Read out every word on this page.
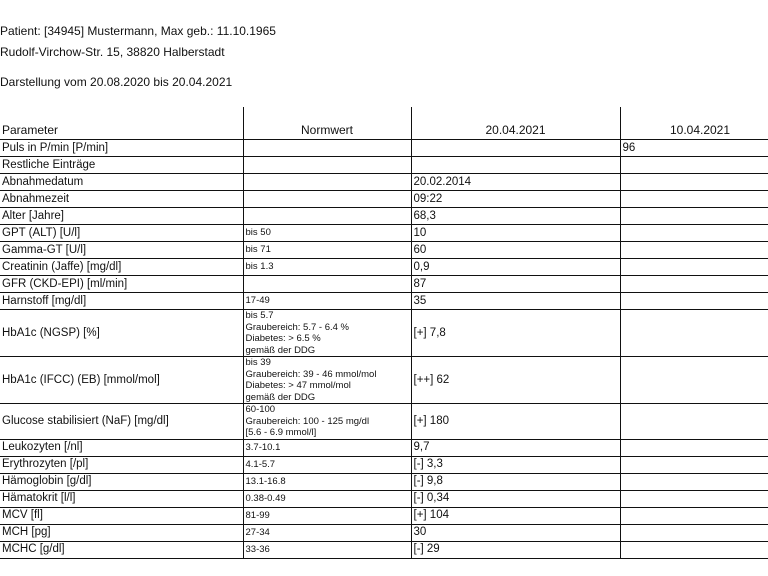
Patient: [34945] Mustermann, Max geb.: 11.10.1965
Rudolf-Virchow-Str. 15, 38820 Halberstadt
Darstellung vom 20.08.2020 bis 20.04.2021
Parameter	Normwert	20.04.2021	10.04.2021
Puls in P/min [P/min]			96
Restliche Einträge			
Abnahmedatum		20.02.2014	
Abnahmezeit		09:22	
Alter [Jahre]		68,3	
GPT (ALT) [U/l]	bis 50	10	
Gamma-GT [U/l]	bis 71	60	
Creatinin (Jaffe) [mg/dl]	bis 1.3	0,9	
GFR (CKD-EPI) [ml/min]		87	
Harnstoff [mg/dl]	17-49	35	
HbA1c (NGSP) [%]	bis 5.7
Graubereich: 5.7 - 6.4 %
Diabetes: > 6.5 %
gemäß der DDG	[+] 7,8	
HbA1c (IFCC) (EB) [mmol/mol]	bis 39
Graubereich: 39 - 46 mmol/mol
Diabetes: > 47 mmol/mol
gemäß der DDG	[++] 62	
Glucose stabilisiert (NaF) [mg/dl]	60-100
Graubereich: 100 - 125 mg/dl
[5.6 - 6.9 mmol/l]	[+] 180	
Leukozyten [/nl]	3.7-10.1	9,7	
Erythrozyten [/pl]	4.1-5.7	[-] 3,3	
Hämoglobin [g/dl]	13.1-16.8	[-] 9,8	
Hämatokrit [l/l]	0.38-0.49	[-] 0,34	
MCV [fl]	81-99	[+] 104	
MCH [pg]	27-34	30	
MCHC [g/dl]	33-36	[-] 29	
